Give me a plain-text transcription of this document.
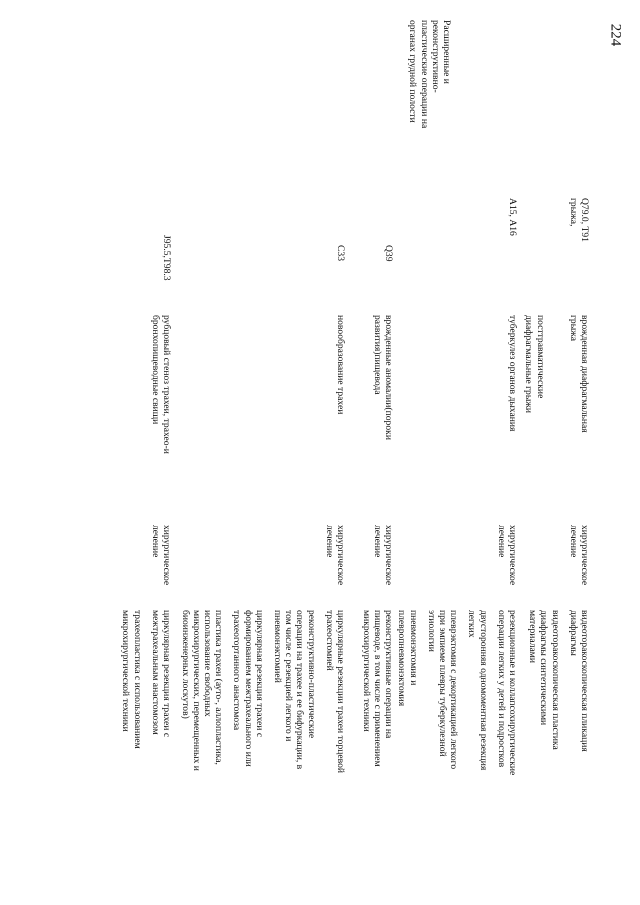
224
Q79.0, Т91
грыжа,
врожденная диафрагмальная
грыжа
посттравматические
диафрагмальные грыжи
хирургическое
лечение
видеоторакоскопическая пликация
диафрагмы
видеоторакоскопическая пластика
диафрагмы синтетическими
материалами
А15, А16
туберкулез органов дыхания
хирургическое
лечение
резекционные и коллапсохирургические
операции легких у детей и подростков
двусторонняя одномоментная резекция
легких
плеврэктомия с декортикацией легкого
при эмпиеме плевры туберкулезной
этиологии
пневмонэктомия и
плевропневмонэктомия
Расширенные и
реконструктивно-
пластические операции на
органах грудной полости
Q39
врожденные аномалии(пороки
развития)пищевода
хирургическое
лечение
реконструктивные операции на
пищеводе, в том числе с применением
микрохирургической техники
С33
новообразование трахеи
хирургическое
лечение
циркулярные резекции трахеи торцевой
трахеостомией
реконструктивно-пластические
операции на трахее и ее бифуркации, в
том числе с резекцией легкого и
пневмонэктомией
циркулярная резекция трахеи с
формированием межтрахеального или
трахеогортанного анастомоза
пластика трахеи (ауто-, аллопластика,
использование свободных
микрохирургических, перемещенных и
биоинженерных лоскутов)
J95.5,Т98.3
рубцовый стеноз трахеи, трахео-и
бронхопищеводные свищи
хирургическое
лечение
циркулярная резекция трахеи с
межтрахеальным анастомозом
трахеопластика с использованием
микрохирургической техники
